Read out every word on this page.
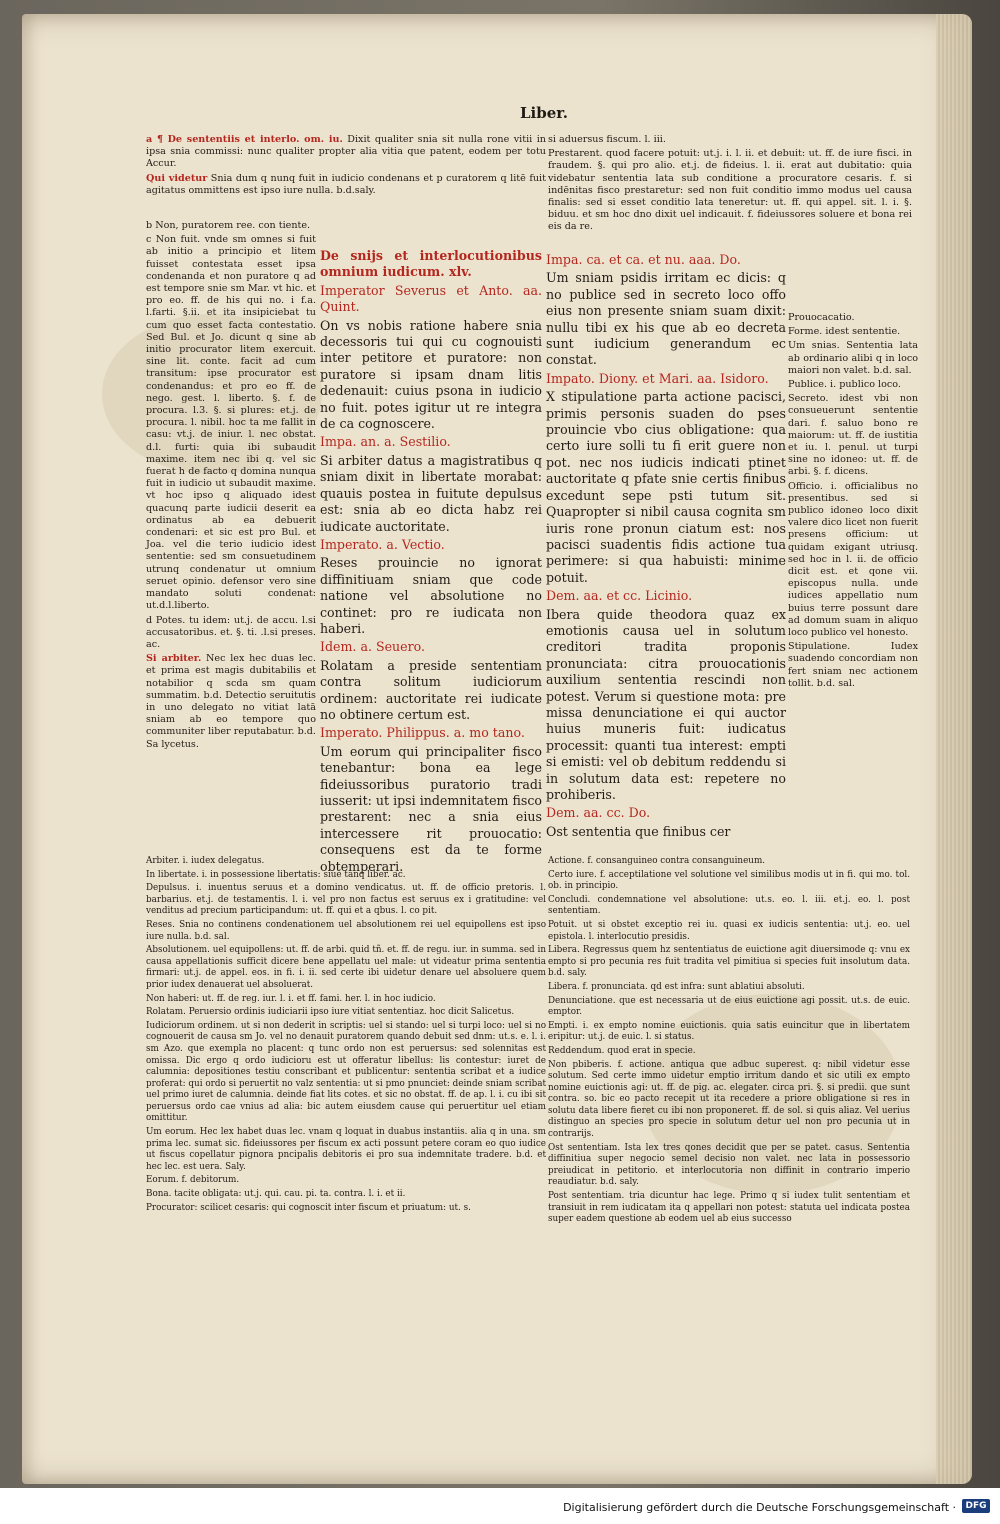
Liber.

a ¶ De sententiis et interlo. om. iu. Dixit qualiter snia sit nulla rone vitii in ipsa snia commissi: nunc qualiter propter alia vitia que patent, eodem per totu Accur.

Qui videtur Snia dum q nunq fuit in iudicio condenans et p curatorem q litē fuit agitatus ommittens est ipso iure nulla. b.d.saly.

b Non, puratorem ree. con tiente.

c Non fuit. vnde sm omnes si fuit ab initio a principio et litem fuisset contestata esset ipsa condenanda et non puratore q ad est tempore snie sm Mar. vt hic. et pro eo. ff. de his qui no. i f.a. l.farti. §.ii. et ita insipiciebat tu cum quo esset facta contestatio. Sed Bul. et Jo. dicunt q sine ab initio procurator litem exercuit. sine lit. conte. facit ad cum transitum: ipse procurator est condenandus: et pro eo ff. de nego. gest. l. liberto. §. f. de procura. l.3. §. si plures: et.j. de procura. l. nibil. hoc ta me fallit in casu: vt.j. de iniur. l. nec obstat. d.l. furti: quia ibi subaudit maxime. item nec ibi q. vel sic fuerat h de facto q domina nunqua fuit in iudicio ut subaudit maxime. vt hoc ipso q aliquado idest quacunq parte iudicii deserit ea ordinatus ab ea debuerit condenari: et sic est pro Bul. et Joa. vel die terio iudicio idest sententie: sed sm consuetudinem utrunq condenatur ut omnium seruet opinio. defensor vero sine mandato soluti condenat: ut.d.l.liberto.

d Potes. tu idem: ut.j. de accu. l.si accusatoribus. et. §. ti. .l.si preses. ac.

Si arbiter. Nec lex hec duas lec. et prima est magis dubitabilis et notabilior q scda sm quam summatim. b.d. Detectio seruitutis in uno delegato no vitiat latā sniam ab eo tempore quo communiter liber reputabatur. b.d. Sa lycetus.

De snijs et interlocutionibus omnium iudicum. xlv.

Imperator Severus et Anto. aa. Quint.

On vs nobis ratione habere snia decessoris tui qui cu cognouisti inter petitore et puratore: non puratore si ipsam dnam litis dedenauit: cuius psona in iudicio no fuit. potes igitur ut re integra de ca cognoscere.

Impa. an. a. Sestilio.

Si arbiter datus a magistratibus q sniam dixit in libertate morabat: quauis postea in fuitute depulsus est: snia ab eo dicta habz rei iudicate auctoritate.

Imperato. a. Vectio.

Reses prouincie no ignorat diffinitiuam sniam que code natione vel absolutione no continet: pro re iudicata non haberi.

Idem. a. Seuero.

Rolatam a preside sententiam contra solitum iudiciorum ordinem: auctoritate rei iudicate no obtinere certum est.

Imperato. Philippus. a. mo tano.

Um eorum qui principaliter fisco tenebantur: bona ea lege fideiussoribus puratorio tradi iusserit: ut ipsi indemnitatem fisco prestarent: nec a snia eius intercessere rit prouocatio: consequens est da te forme obtemperari.

si aduersus fiscum. l. iii.

Prestarent. quod facere potuit: ut.j. i. l. ii. et debuit: ut. ff. de iure fisci. in fraudem. §. qui pro alio. et.j. de fideius. l. ii. erat aut dubitatio: quia videbatur sententia lata sub conditione a procuratore cesaris. f. si indēnitas fisco prestaretur: sed non fuit conditio immo modus uel causa finalis: sed si esset conditio lata teneretur: ut. ff. qui appel. sit. l. i. §. biduu. et sm hoc dno dixit uel indicauit. f. fideiussores soluere et bona rei eis da re.

Impa. ca. et ca. et nu. aaa. Do.

Um sniam psidis irritam ec dicis: q no publice sed in secreto loco offo eius non presente sniam suam dixit: nullu tibi ex his que ab eo decreta sunt iudicium generandum ec constat.

Impato. Diony. et Mari. aa. Isidoro.

X stipulatione parta actione pacisci, primis personis suaden do pses prouincie vbo cius obligatione: qua certo iure solli tu fi erit guere non pot. nec nos iudicis indicati ptinet auctoritate q pfate snie certis finibus excedunt sepe psti tutum sit. Quapropter si nibil causa cognita sm iuris rone pronun ciatum est: nos pacisci suadentis fidis actione tua perimere: si qua habuisti: minime potuit.

Dem. aa. et cc. Licinio.

Ibera quide theodora quaz ex emotionis causa uel in solutum creditori tradita proponis pronunciata: citra prouocationis auxilium sententia rescindi non potest. Verum si questione mota: pre missa denunciatione ei qui auctor huius muneris fuit: iudicatus processit: quanti tua interest: empti si emisti: vel ob debitum reddendu si in solutum data est: repetere no prohiberis.

Dem. aa. cc. Do.

Ost sententia que finibus cer

Prouocacatio.

Forme. idest sententie.

Um snias. Sententia lata ab ordinario alibi q in loco maiori non valet. b.d. sal.

Publice. i. publico loco.

Secreto. idest vbi non consueuerunt sententie dari. f. saluo bono re maiorum: ut. ff. de iustitia et iu. l. penul. ut turpi sine no idoneo: ut. ff. de arbi. §. f. dicens.

Officio. i. officialibus no presentibus. sed si publico idoneo loco dixit valere dico licet non fuerit presens officium: ut quidam exigant utriusq. sed hoc in l. ii. de officio dicit est. et qone vii. episcopus nulla. unde iudices appellatio num buius terre possunt dare ad domum suam in aliquo loco publico vel honesto.

Stipulatione. Iudex suadendo concordiam non fert sniam nec actionem tollit. b.d. sal.

Arbiter. i. iudex delegatus.

In libertate. i. in possessione libertatis: siue tanq liber. ac.

Depulsus. i. inuentus seruus et a domino vendicatus. ut. ff. de officio pretoris. l. barbarius. et.j. de testamentis. l. i. vel pro non factus est seruus ex i gratitudine: vel venditus ad precium participandum: ut. ff. qui et a qbus. l. co pit.

Reses. Snia no continens condenationem uel absolutionem rei uel equipollens est ipso iure nulla. b.d. sal.

Absolutionem. uel equipollens: ut. ff. de arbi. quid tñ. et. ff. de regu. iur. in summa. sed in causa appellationis sufficit dicere bene appellatu uel male: ut videatur prima sententia firmari: ut.j. de appel. eos. in fi. i. ii. sed certe ibi uidetur denare uel absoluere quem prior iudex denauerat uel absoluerat.

Non haberi: ut. ff. de reg. iur. l. i. et ff. fami. her. l. in hoc iudicio.

Rolatam. Peruersio ordinis iudiciarii ipso iure vitiat sententiaz. hoc dicit Salicetus.

Iudiciorum ordinem. ut si non dederit in scriptis: uel si stando: uel si turpi loco: uel si no cognouerit de causa sm Jo. vel no denauit puratorem quando debuit sed dnm: ut.s. e. l. i. sm Azo. que exempla no placent: q tunc ordo non est peruersus: sed solennitas est omissa. Dic ergo q ordo iudicioru est ut offeratur libellus: lis contestur: iuret de calumnia: depositiones testiu conscribant et publicentur: sententia scribat et a iudice proferat: qui ordo si peruertit no valz sententia: ut si pmo pnunciet: deinde sniam scribat uel primo iuret de calumnia. deinde fiat lits cotes. et sic no obstat. ff. de ap. l. i. cu ibi sit peruersus ordo cae vnius ad alia: bic autem eiusdem cause qui peruertitur uel etiam omittitur.

Um eorum. Hec lex habet duas lec. vnam q loquat in duabus instantiis. alia q in una. sm prima lec. sumat sic. fideiussores per fiscum ex acti possunt petere coram eo quo iudice ut fiscus copellatur pignora pncipalis debitoris ei pro sua indemnitate tradere. b.d. et hec lec. est uera. Saly.

Eorum. f. debitorum.

Bona. tacite obligata: ut.j. qui. cau. pi. ta. contra. l. i. et ii.

Procurator: scilicet cesaris: qui cognoscit inter fiscum et priuatum: ut. s.

Actione. f. consanguineo contra consanguineum.

Certo iure. f. acceptilatione vel solutione vel similibus modis ut in fi. qui mo. tol. ob. in principio.

Concludi. condemnatione vel absolutione: ut.s. eo. l. iii. et.j. eo. l. post sententiam.

Potuit. ut si obstet exceptio rei iu. quasi ex iudicis sententia: ut.j. eo. uel epistola. l. interlocutio presidis.

Libera. Regressus quem hz sententiatus de euictione agit diuersimode q: vnu ex empto si pro pecunia res fuit tradita vel pimitiua si species fuit insolutum data. b.d. saly.

Libera. f. pronunciata. qd est infra: sunt ablatiui absoluti.

Denunciatione. que est necessaria ut de eius euictione agi possit. ut.s. de euic. emptor.

Empti. i. ex empto nomine euictionis. quia satis euincitur que in libertatem eripitur: ut.j. de euic. l. si status.

Reddendum. quod erat in specie.

Non pbiberis. f. actione. antiqua que adbuc superest. q: nibil videtur esse solutum. Sed certe immo uidetur emptio irritum dando et sic utili ex empto nomine euictionis agi: ut. ff. de pig. ac. elegater. circa pri. §. si predii. que sunt contra. so. bic eo pacto recepit ut ita recedere a priore obligatione si res in solutu data libere fieret cu ibi non proponeret. ff. de sol. si quis aliaz. Vel uerius distinguo an species pro specie in solutum detur uel non pro pecunia ut in contrarijs.

Ost sententiam. Ista lex tres qones decidit que per se patet. casus. Sententia diffinitiua super negocio semel decisio non valet. nec lata in possessorio preiudicat in petitorio. et interlocutoria non diffinit in contrario imperio reaudiatur. b.d. saly.

Post sententiam. tria dicuntur hac lege. Primo q si iudex tulit sententiam et transiuit in rem iudicatam ita q appellari non potest: statuta uel indicata postea super eadem questione ab eodem uel ab eius successo

Digitalisierung gefördert durch die Deutsche Forschungsgemeinschaft ·	DFG
